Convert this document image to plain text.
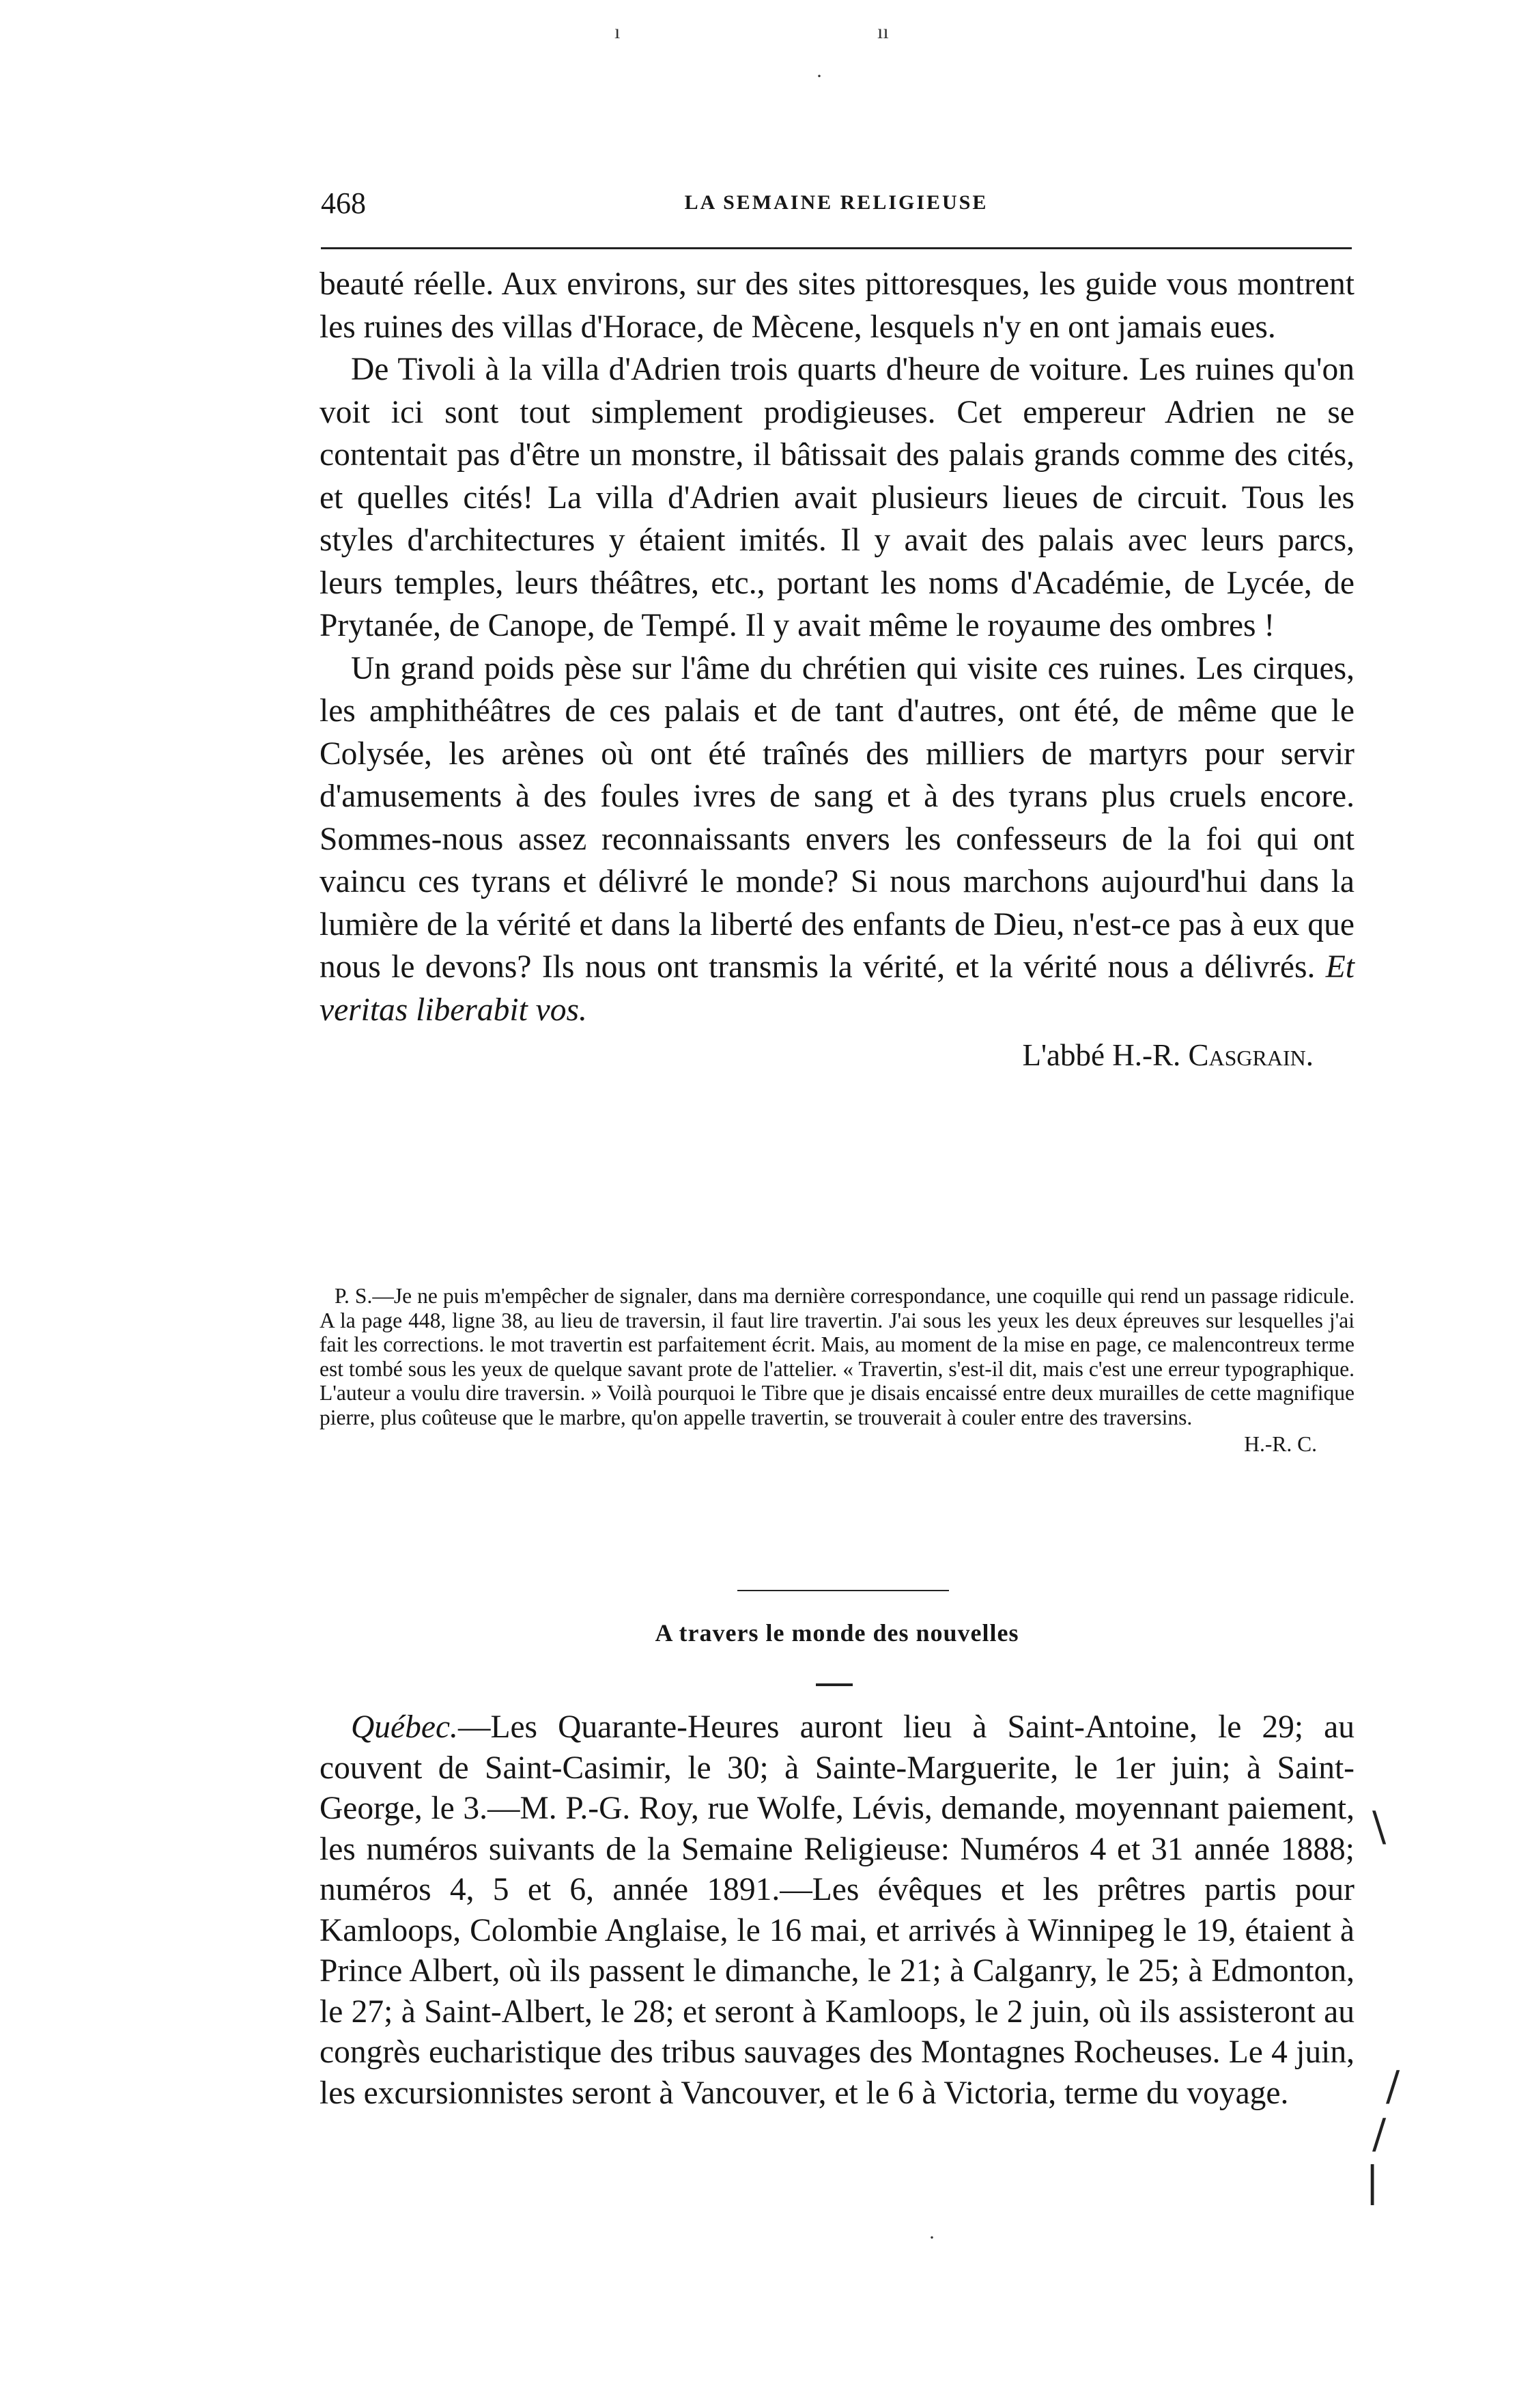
ı	ıı
·
468	LA SEMAINE RELIGIEUSE

beauté réelle. Aux environs, sur des sites pittoresques, les guide vous montrent les ruines des villas d'Horace, de Mècene, lesquels n'y en ont jamais eues.

De Tivoli à la villa d'Adrien trois quarts d'heure de voiture. Les ruines qu'on voit ici sont tout simplement prodigieuses. Cet empereur Adrien ne se contentait pas d'être un monstre, il bâtissait des palais grands comme des cités, et quelles cités! La villa d'Adrien avait plusieurs lieues de circuit. Tous les styles d'architectures y étaient imités. Il y avait des palais avec leurs parcs, leurs temples, leurs théâtres, etc., portant les noms d'Académie, de Lycée, de Prytanée, de Canope, de Tempé. Il y avait même le royaume des ombres !

Un grand poids pèse sur l'âme du chrétien qui visite ces ruines. Les cirques, les amphithéâtres de ces palais et de tant d'autres, ont été, de même que le Colysée, les arènes où ont été traînés des milliers de martyrs pour servir d'amusements à des foules ivres de sang et à des tyrans plus cruels encore. Sommes-nous assez reconnaissants envers les confesseurs de la foi qui ont vaincu ces tyrans et délivré le monde? Si nous marchons aujourd'hui dans la lumière de la vérité et dans la liberté des enfants de Dieu, n'est-ce pas à eux que nous le devons? Ils nous ont transmis la vérité, et la vérité nous a délivrés. Et veritas liberabit vos.

L'abbé H.-R. Casgrain.

P. S.—Je ne puis m'empêcher de signaler, dans ma dernière correspondance, une coquille qui rend un passage ridicule. A la page 448, ligne 38, au lieu de traversin, il faut lire travertin. J'ai sous les yeux les deux épreuves sur lesquelles j'ai fait les corrections. le mot travertin est parfaitement écrit. Mais, au moment de la mise en page, ce malencontreux terme est tombé sous les yeux de quelque savant prote de l'attelier. « Travertin, s'est-il dit, mais c'est une erreur typographique. L'auteur a voulu dire traversin. » Voilà pourquoi le Tibre que je disais encaissé entre deux murailles de cette magnifique pierre, plus coûteuse que le marbre, qu'on appelle travertin, se trouverait à couler entre des traversins.

H.-R. C.

A travers le monde des nouvelles

Québec.—Les Quarante-Heures auront lieu à Saint-Antoine, le 29; au couvent de Saint-Casimir, le 30; à Sainte-Marguerite, le 1er juin; à Saint-George, le 3.—M. P.-G. Roy, rue Wolfe, Lévis, demande, moyennant paiement, les numéros suivants de la Semaine Religieuse: Numéros 4 et 31 année 1888; numéros 4, 5 et 6, année 1891.—Les évêques et les prêtres partis pour Kamloops, Colombie Anglaise, le 16 mai, et arrivés à Winnipeg le 19, étaient à Prince Albert, où ils passent le dimanche, le 21; à Calganry, le 25; à Edmonton, le 27; à Saint-Albert, le 28; et seront à Kamloops, le 2 juin, où ils assisteront au congrès eucharistique des tribus sauvages des Montagnes Rocheuses. Le 4 juin, les excursionnistes seront à Vancouver, et le 6 à Victoria, terme du voyage.

\
/
/
|
·
